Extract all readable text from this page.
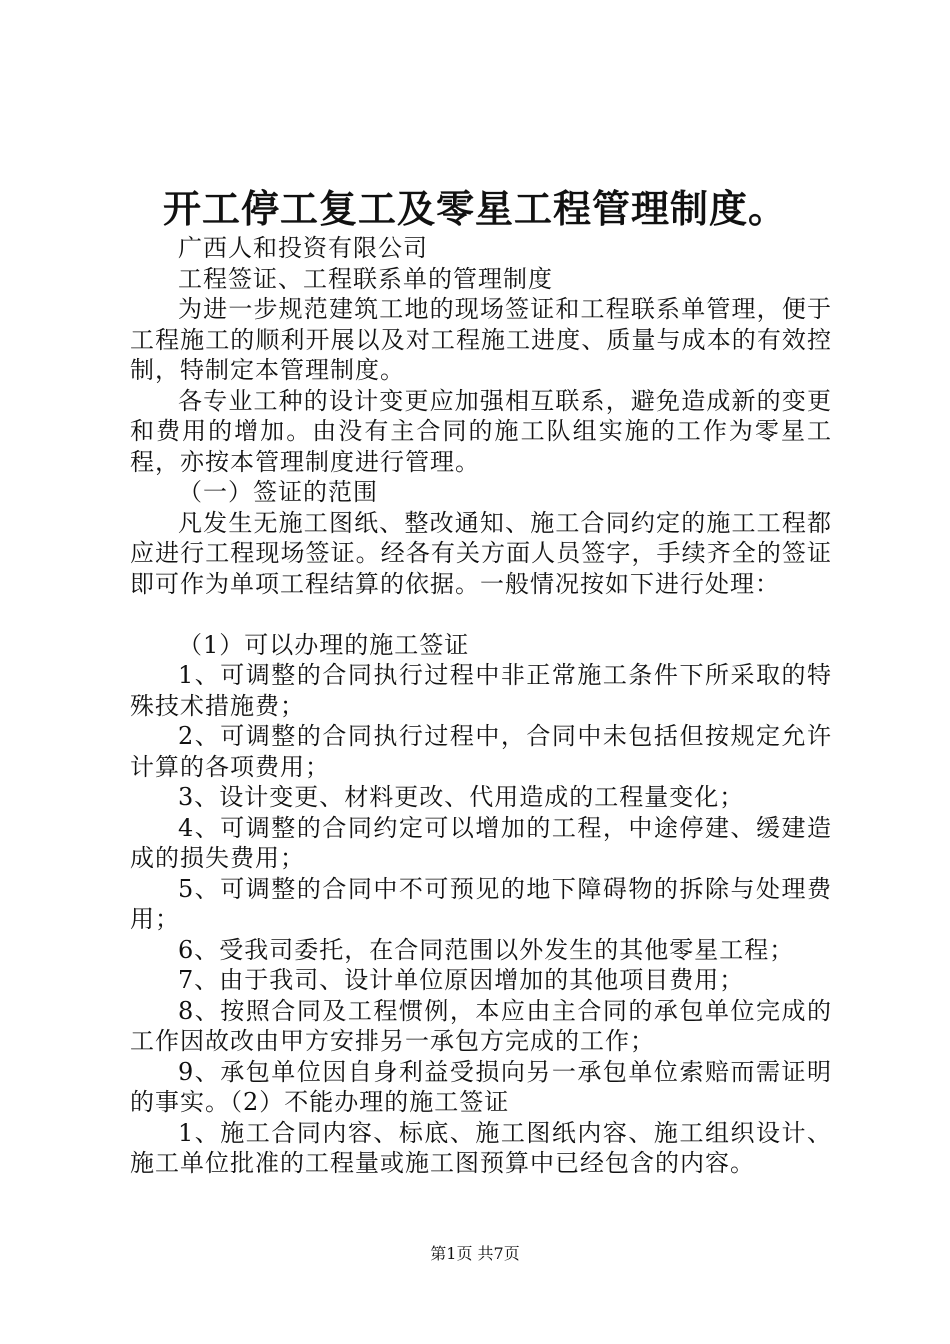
开工停工复工及零星工程管理制度。

广西人和投资有限公司

工程签证、工程联系单的管理制度

为进一步规范建筑工地的现场签证和工程联系单管理，便于工程施工的顺利开展以及对工程施工进度、质量与成本的有效控制，特制定本管理制度。

各专业工种的设计变更应加强相互联系，避免造成新的变更和费用的增加。由没有主合同的施工队组实施的工作为零星工程，亦按本管理制度进行管理。

（一）签证的范围

凡发生无施工图纸、整改通知、施工合同约定的施工工程都应进行工程现场签证。经各有关方面人员签字，手续齐全的签证即可作为单项工程结算的依据。一般情况按如下进行处理：

（1）可以办理的施工签证

1、可调整的合同执行过程中非正常施工条件下所采取的特殊技术措施费；

2、可调整的合同执行过程中，合同中未包括但按规定允许计算的各项费用；

3、设计变更、材料更改、代用造成的工程量变化；

4、可调整的合同约定可以增加的工程，中途停建、缓建造成的损失费用；

5、可调整的合同中不可预见的地下障碍物的拆除与处理费用；

6、受我司委托，在合同范围以外发生的其他零星工程；

7、由于我司、设计单位原因增加的其他项目费用；

8、按照合同及工程惯例，本应由主合同的承包单位完成的工作因故改由甲方安排另一承包方完成的工作；

9、承包单位因自身利益受损向另一承包单位索赔而需证明的事实。（2）不能办理的施工签证

1、施工合同内容、标底、施工图纸内容、施工组织设计、施工单位批准的工程量或施工图预算中已经包含的内容。

第1页 共7页
